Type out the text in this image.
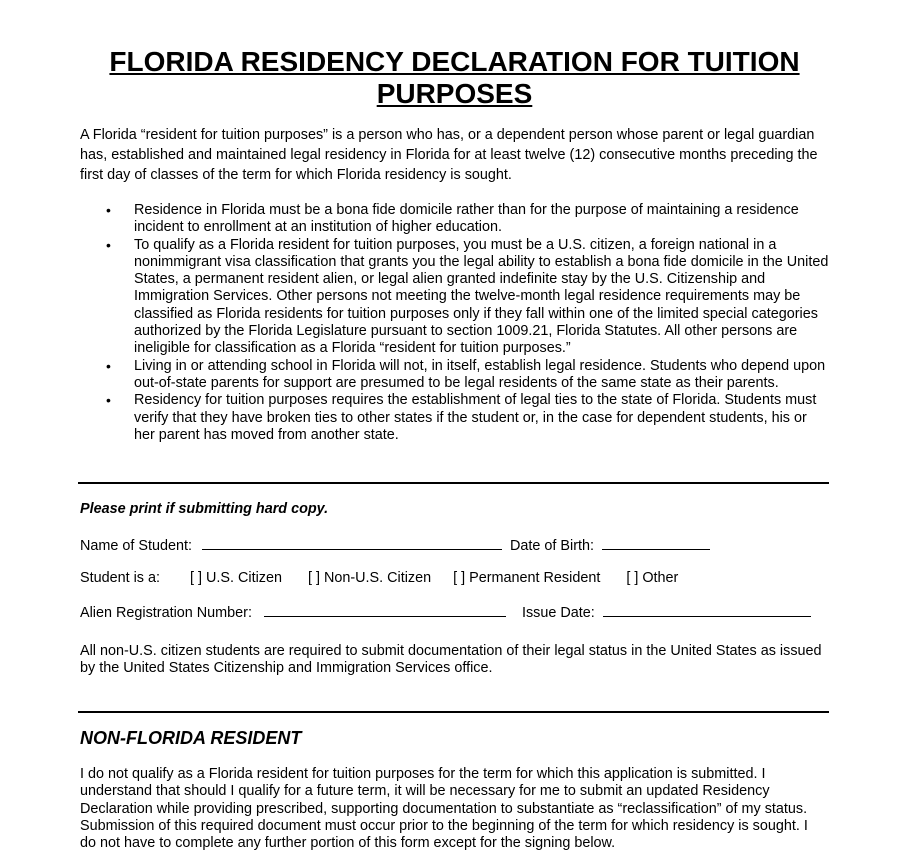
FLORIDA RESIDENCY DECLARATION FOR TUITION
PURPOSES

A Florida “resident for tuition purposes” is a person who has, or a dependent person whose parent or legal guardian has, established and maintained legal residency in Florida for at least twelve (12) consecutive months preceding the first day of classes of the term for which Florida residency is sought.

• Residence in Florida must be a bona fide domicile rather than for the purpose of maintaining a residence incident to enrollment at an institution of higher education.
• To qualify as a Florida resident for tuition purposes, you must be a U.S. citizen, a foreign national in a nonimmigrant visa classification that grants you the legal ability to establish a bona fide domicile in the United States, a permanent resident alien, or legal alien granted indefinite stay by the U.S. Citizenship and Immigration Services. Other persons not meeting the twelve-month legal residence requirements may be classified as Florida residents for tuition purposes only if they fall within one of the limited special categories authorized by the Florida Legislature pursuant to section 1009.21, Florida Statutes. All other persons are ineligible for classification as a Florida “resident for tuition purposes.”
• Living in or attending school in Florida will not, in itself, establish legal residence. Students who depend upon out-of-state parents for support are presumed to be legal residents of the same state as their parents.
• Residency for tuition purposes requires the establishment of legal ties to the state of Florida. Students must verify that they have broken ties to other states if the student or, in the case for dependent students, his or her parent has moved from another state.
Please print if submitting hard copy.
Name of Student:	Date of Birth:
Student is a: [ ] U.S. Citizen [ ] Non-U.S. Citizen [ ] Permanent Resident [ ] Other
Alien Registration Number:	Issue Date:

All non-U.S. citizen students are required to submit documentation of their legal status in the United States as issued by the United States Citizenship and Immigration Services office.

NON-FLORIDA RESIDENT

I do not qualify as a Florida resident for tuition purposes for the term for which this application is submitted. I understand that should I qualify for a future term, it will be necessary for me to submit an updated Residency Declaration while providing prescribed, supporting documentation to substantiate as “reclassification” of my status. Submission of this required document must occur prior to the beginning of the term for which residency is sought. I do not have to complete any further portion of this form except for the signing below.
